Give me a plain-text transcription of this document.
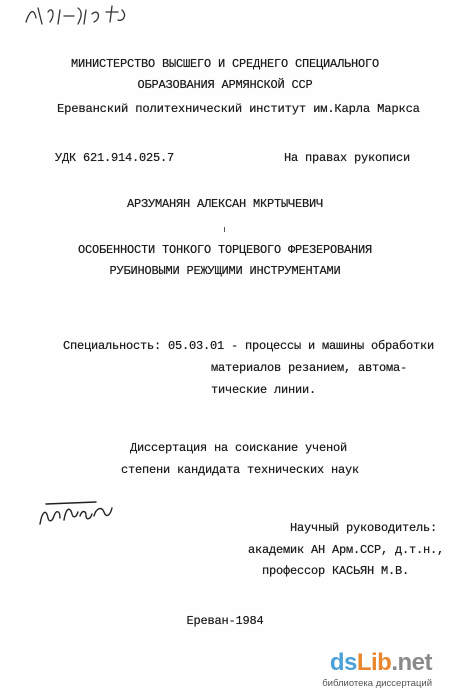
МИНИСТЕРСТВО ВЫСШЕГО И СРЕДНЕГО СПЕЦИАЛЬНОГО
ОБРАЗОВАНИЯ АРМЯНСКОЙ ССР
Ереванский политехнический институт им.Карла Маркса
УДК 621.914.025.7	На правах рукописи
АРЗУМАНЯН АЛЕКСАН МКРТЫЧЕВИЧ
ОСОБЕННОСТИ ТОНКОГО ТОРЦЕВОГО ФРЕЗЕРОВАНИЯ
РУБИНОВЫМИ РЕЖУЩИМИ ИНСТРУМЕНТАМИ
Специальность: 05.03.01 - процессы и машины обработки
материалов резанием, автома-
тические линии.
Диссертация на соискание ученой
степени кандидата технических наук
Научный руководитель:
академик АН Арм.ССР, д.т.н.,
профессор КАСЬЯН М.В.
Ереван-1984
dsLib.net
библиотека диссертаций
